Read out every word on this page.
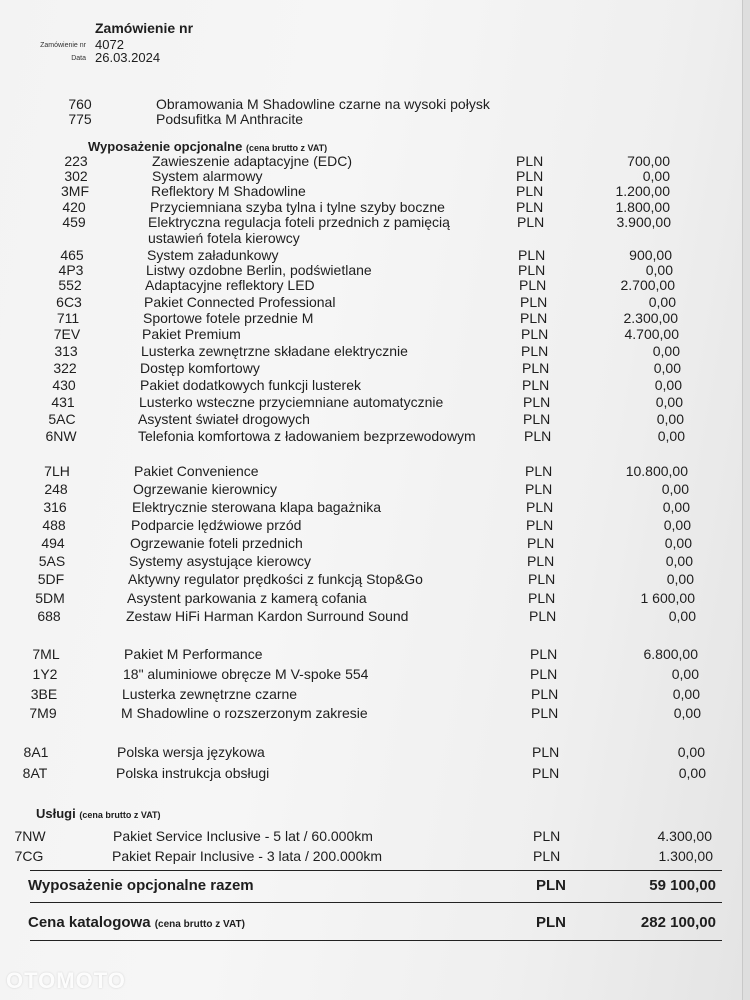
Zamówienie nr
Zamówienie nr 4072
Data 26.03.2024
760	Obramowania M Shadowline czarne na wysoki połysk
775	Podsufitka M Anthracite
Wyposażenie opcjonalne (cena brutto z VAT)
223	Zawieszenie adaptacyjne (EDC)	PLN	700,00
302	System alarmowy	PLN	0,00
3MF	Reflektory M Shadowline	PLN	1.200,00
420	Przyciemniana szyba tylna i tylne szyby boczne	PLN	1.800,00
459	Elektryczna regulacja foteli przednich z pamięcią	PLN	3.900,00
ustawień fotela kierowcy
465	System załadunkowy	PLN	900,00
4P3	Listwy ozdobne Berlin, podświetlane	PLN	0,00
552	Adaptacyjne reflektory LED	PLN	2.700,00
6C3	Pakiet Connected Professional	PLN	0,00
711	Sportowe fotele przednie M	PLN	2.300,00
7EV	Pakiet Premium	PLN	4.700,00
313	Lusterka zewnętrzne składane elektrycznie	PLN	0,00
322	Dostęp komfortowy	PLN	0,00
430	Pakiet dodatkowych funkcji lusterek	PLN	0,00
431	Lusterko wsteczne przyciemniane automatycznie	PLN	0,00
5AC	Asystent świateł drogowych	PLN	0,00
6NW	Telefonia komfortowa z ładowaniem bezprzewodowym	PLN	0,00
7LH	Pakiet Convenience	PLN	10.800,00
248	Ogrzewanie kierownicy	PLN	0,00
316	Elektrycznie sterowana klapa bagażnika	PLN	0,00
488	Podparcie lędźwiowe przód	PLN	0,00
494	Ogrzewanie foteli przednich	PLN	0,00
5AS	Systemy asystujące kierowcy	PLN	0,00
5DF	Aktywny regulator prędkości z funkcją Stop&Go	PLN	0,00
5DM	Asystent parkowania z kamerą cofania	PLN	1 600,00
688	Zestaw HiFi Harman Kardon Surround Sound	PLN	0,00
7ML	Pakiet M Performance	PLN	6.800,00
1Y2	18" aluminiowe obręcze M V-spoke 554	PLN	0,00
3BE	Lusterka zewnętrzne czarne	PLN	0,00
7M9	M Shadowline o rozszerzonym zakresie	PLN	0,00
8A1	Polska wersja językowa	PLN	0,00
8AT	Polska instrukcja obsługi	PLN	0,00
Usługi (cena brutto z VAT)
7NW	Pakiet Service Inclusive - 5 lat / 60.000km	PLN	4.300,00
7CG	Pakiet Repair Inclusive - 3 lata / 200.000km	PLN	1.300,00
Wyposażenie opcjonalne razem	PLN	59 100,00
Cena katalogowa (cena brutto z VAT)	PLN	282 100,00
OTOMOTO
